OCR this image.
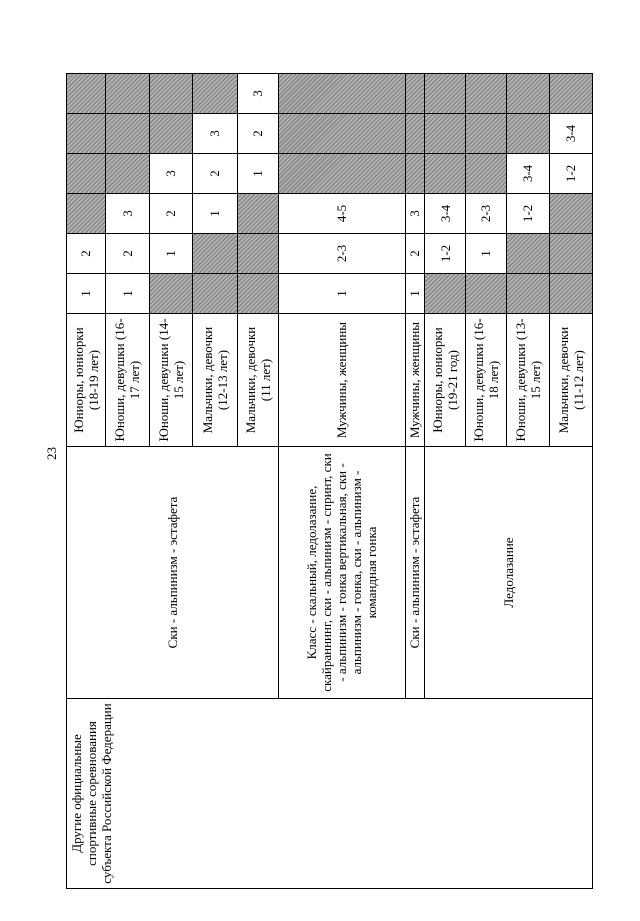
23
Другие официальные спортивные соревнования субъекта Российской Федерации	Ски - альпинизм - эстафета	Юниоры, юниорки (18-19 лет)	1	2				
		Юноши, девушки (16-17 лет)	1	2	3			
		Юноши, девушки (14-15 лет)		1	2	3		
		Мальчики, девочки (12-13 лет)			1	2	3	
		Мальчики, девочки (11 лет)				1	2	3
	Класс - скальный, ледолазание, скайраннинг, ски - альпинизм - спринт, ски - альпинизм - гонка вертикальная, ски - альпинизм - гонка, ски - альпинизм - командная гонка	Мужчины, женщины	1	2-3	4-5			
	Ски - альпинизм - эстафета	Мужчины, женщины	1	2	3			
	Ледолазание	Юниоры, юниорки (19-21 год)		1-2	3-4			
		Юноши, девушки (16-18 лет)		1	2-3			
		Юноши, девушки (13-15 лет)			1-2	3-4		
		Мальчики, девочки (11-12 лет)				1-2	3-4	
